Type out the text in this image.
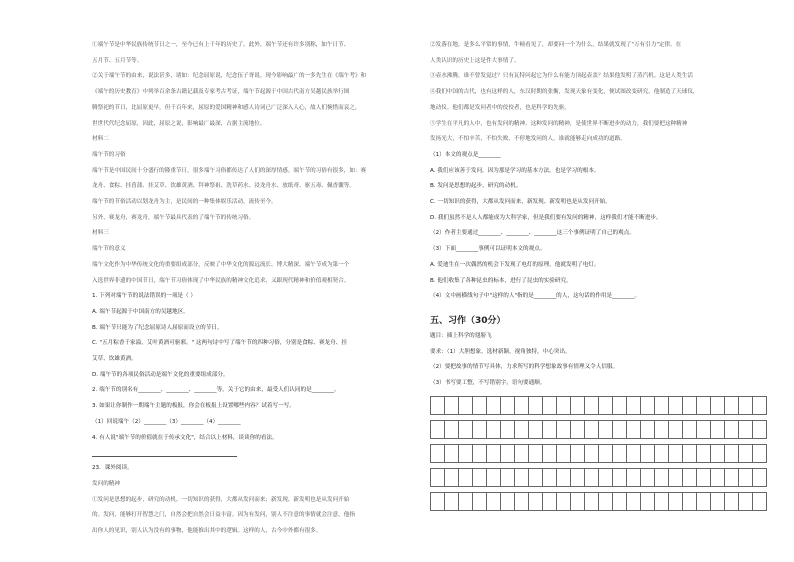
①端午节是中华民族传统节日之一，至今已有上千年的历史了。此外，端午节还有许多别称，如午日节、
五月节、五月节等。
②关于端午节的由来，说法甚多，诸如：纪念屈原说，纪念伍子胥说。现今影响最广的一多先生在《端午考》和
《端午的历史教育》中列举百余条古籍记载及专家考古考证，端午节起源于中国古代南方吴越民族举行图
腾祭祀的节日，比屈原更早。但千百年来，屈原的爱国精神和感人诗词已广泛深入人心，故人们惋惜而哀之，
世世代代纪念屈原，因此，屈原之说，影响最广最深，占据主流地位。
材料二
端午节的习俗
端午节是中国民间十分盛行的隆重节日，很多端午习俗都传达了人们的深厚情感。端午节的习俗有很多，如：赛
龙舟、食粽、挂菖蒲、挂艾草、饮雄黄酒、拜神祭祖、洗草药水、浸龙舟水、放纸鸢、驱五毒、佩香囊等。
端午节的节俗活动以划龙舟为主，是民间的一种集体娱乐活动，流传至今。
另外，赛龙舟，赛龙舟，端午节最具代表的了端午节的传统习俗。
材料三
端午节的意义
端午文化作为中华传统文化的重要组成部分，反映了中华文化的源远流长、博大精深。端午节成为第一个
入选世界非遗的中国节日，端午节习俗体现了中华民族的精神文化追求，又跟现代精神和价值观相契合。
1. 下列对端午节的说法错误的一项是（ ）
A. 端午节起源于中国南方的吴越地区。
B. 端午节只能为了纪念屈原诗人屈原而设立的节日。
C. "五月粽香千家溢，艾叶黄酒可驱邪。" 这两句诗中写了端午节的四种习俗，分别是食粽、赛龙舟、挂
艾草、饮雄黄酒。
D. 端午节的各项民俗活动是端午文化的重要组成部分。
2. 端午节的别名有________、________、________等。关于它的由来，最受人们认同的是________。
3. 如果让你制作一期端午主题的板报，你会在板报上设置哪些内容？试着写一写。
（1）回说端午（2）________（3）________（4）________
4. 有人说"端午节的价值就在于传承文化"，结合以上材料，谈谈你的看法。
23．课外阅读。
发问的精神
①发问是思想的起步，研究的动机。一切知识的获得，大都从发问而来；新发现、新发明也是从发问开始
的。发问，能够打开智慧之门，自然会把自然会日益丰富。因为有发问，别人不注意的事情就会注意，他指
出你人的见识，别人认为没有的事物，他能推出其中的逻辑。这样的人，古今中外都有很多。
②发落在地，是多么平常的事情，牛顿看见了，却要问一个为什么，结果就发现了"万有引力"定律。在
人类认识的历史上这是件大事情了。
③壶水沸腾，谁不曾发觉过？只有瓦特问起它为什么有能力顶起壶盖？结果他发明了蒸汽机。这是人类生活
④我们中国的古代，也有这样的人，东汉时期的张衡，发现天象有变化，便试图改变研究，他制造了天球仪，
地动仪。他们都是发问者中的佼佼者，也是科学的先驱。
⑤学生在平凡的人中，也有发问的精神。这种发问的精神，是使世界不断进步的动力，我们要把这种精神
发扬光大，不怕辛苦、不怕失败、不停地发问的人，谁就能够走向成功的道路。
（1）本文的观点是________
A. 我们应该善于发问，因为那是学习的基本方法，也是学习的根本。
B. 发问是思想的起步，研究的动机。
C. 一切知识的获得，大都从发问而来，新发现、新发明也是从发问开始。
D. 我们虽然不是人人都能成为大科学家，但是我们要有发问的精神，这样我们才能不断进步。
（2）作者主要通过________、________、________这三个事例证明了自己的观点。
（3）下面________事例可以证明本文的观点。
A. 爱迪生在一次偶然的机会下发现了电灯的原理，他就发明了电灯。
B. 他们收集了各种昆虫的标本，进行了昆虫的实验研究。
（4）文中画横线句子中"这样的人"指的是________的人，这句话的作用是________。
五、习作（30分）
题目：插上科学的翅膀飞
要求：（1）大胆想象，选材新颖，视角独特，中心突出。
（2）要把故事的情节写具体，力求所写的科学想象故事有情理又令人信服。
（3）书写要工整，不写错别字，语句要通顺。
